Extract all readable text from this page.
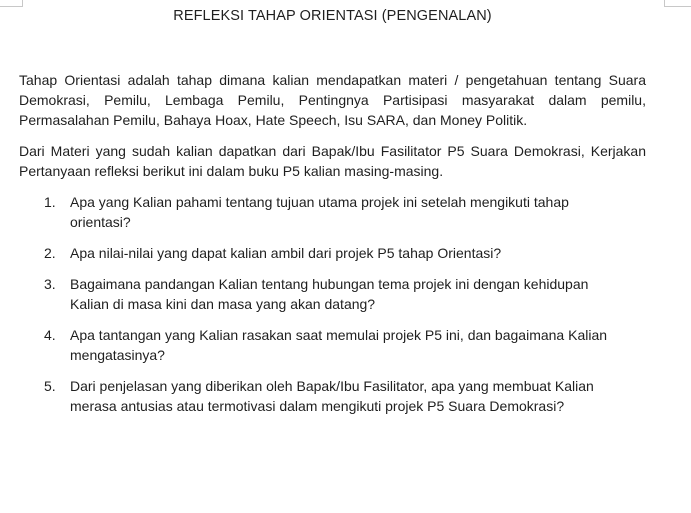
REFLEKSI TAHAP ORIENTASI (PENGENALAN)

Tahap Orientasi adalah tahap dimana kalian mendapatkan materi / pengetahuan tentang Suara Demokrasi, Pemilu, Lembaga Pemilu, Pentingnya Partisipasi masyarakat dalam pemilu, Permasalahan Pemilu, Bahaya Hoax, Hate Speech, Isu SARA, dan Money Politik.

Dari Materi yang sudah kalian dapatkan dari Bapak/Ibu Fasilitator P5 Suara Demokrasi, Kerjakan Pertanyaan refleksi berikut ini dalam buku P5 kalian masing-masing.

1.	Apa yang Kalian pahami tentang tujuan utama projek ini setelah mengikuti tahap orientasi?
2.	Apa nilai-nilai yang dapat kalian ambil dari projek P5 tahap Orientasi?
3.	Bagaimana pandangan Kalian tentang hubungan tema projek ini dengan kehidupan Kalian di masa kini dan masa yang akan datang?
4.	Apa tantangan yang Kalian rasakan saat memulai projek P5 ini, dan bagaimana Kalian mengatasinya?
5.	Dari penjelasan yang diberikan oleh Bapak/Ibu Fasilitator, apa yang membuat Kalian merasa antusias atau termotivasi dalam mengikuti projek P5 Suara Demokrasi?
